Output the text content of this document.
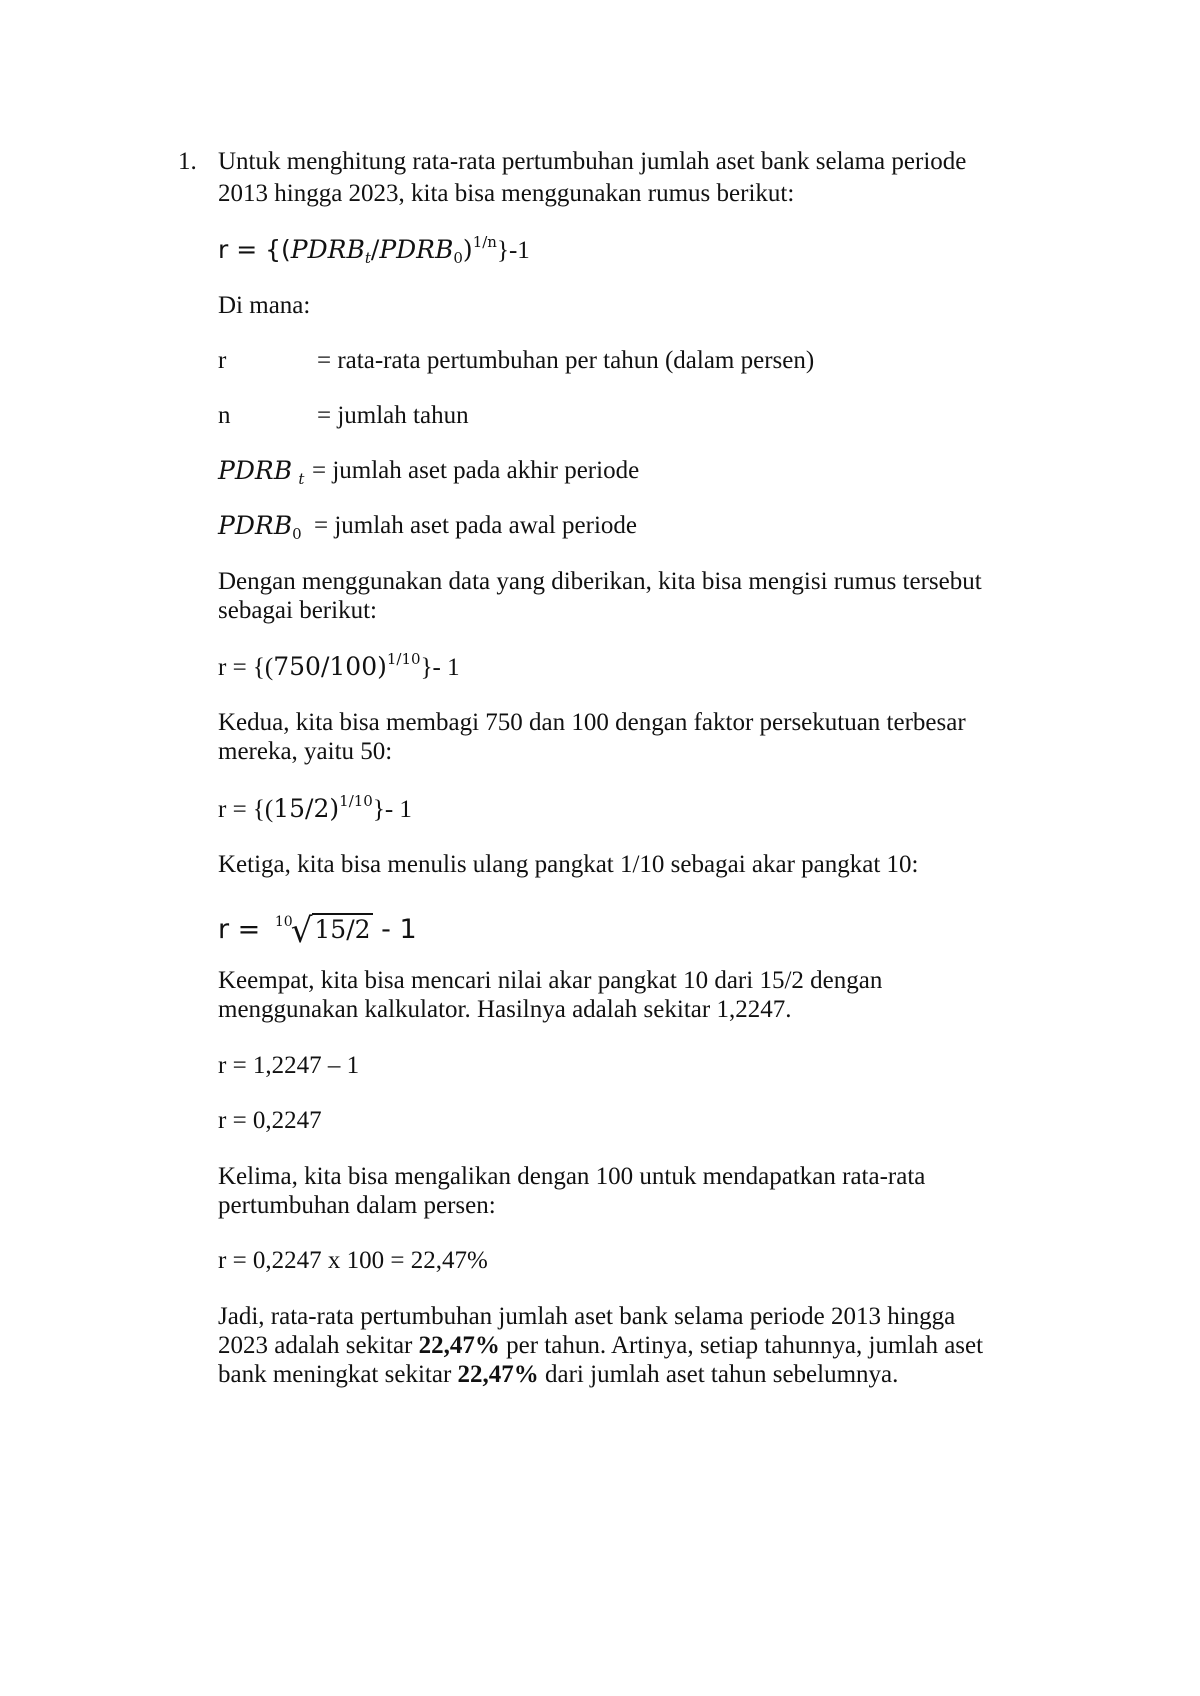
1. Untuk menghitung rata-rata pertumbuhan jumlah aset bank selama periode
2013 hingga 2023, kita bisa menggunakan rumus berikut:
$r = \{(PDRB_t/PDRB_0)^{1/n}\}-1$
Di mana:
r	= rata-rata pertumbuhan per tahun (dalam persen)
n	= jumlah tahun
PDRB $_t$ = jumlah aset pada akhir periode
$PDRB_0$ = jumlah aset pada awal periode
Dengan menggunakan data yang diberikan, kita bisa mengisi rumus tersebut
sebagai berikut:
$r = \{(750/100)^{1/10}\}-$ 1
Kedua, kita bisa membagi 750 dan 100 dengan faktor persekutuan terbesar
mereka, yaitu 50:
$r = \{(15/2)^{1/10}\}-$ 1
Ketiga, kita bisa menulis ulang pangkat 1/10 sebagai akar pangkat 10:
r = $^{10}$√15/2 - 1
Keempat, kita bisa mencari nilai akar pangkat 10 dari 15/2 dengan
menggunakan kalkulator. Hasilnya adalah sekitar 1,2247.
r = 1,2247 – 1
r = 0,2247
Kelima, kita bisa mengalikan dengan 100 untuk mendapatkan rata-rata
pertumbuhan dalam persen:
r = 0,2247 x 100 = 22,47%
Jadi, rata-rata pertumbuhan jumlah aset bank selama periode 2013 hingga
2023 adalah sekitar 22,47% per tahun. Artinya, setiap tahunnya, jumlah aset
bank meningkat sekitar 22,47% dari jumlah aset tahun sebelumnya.
